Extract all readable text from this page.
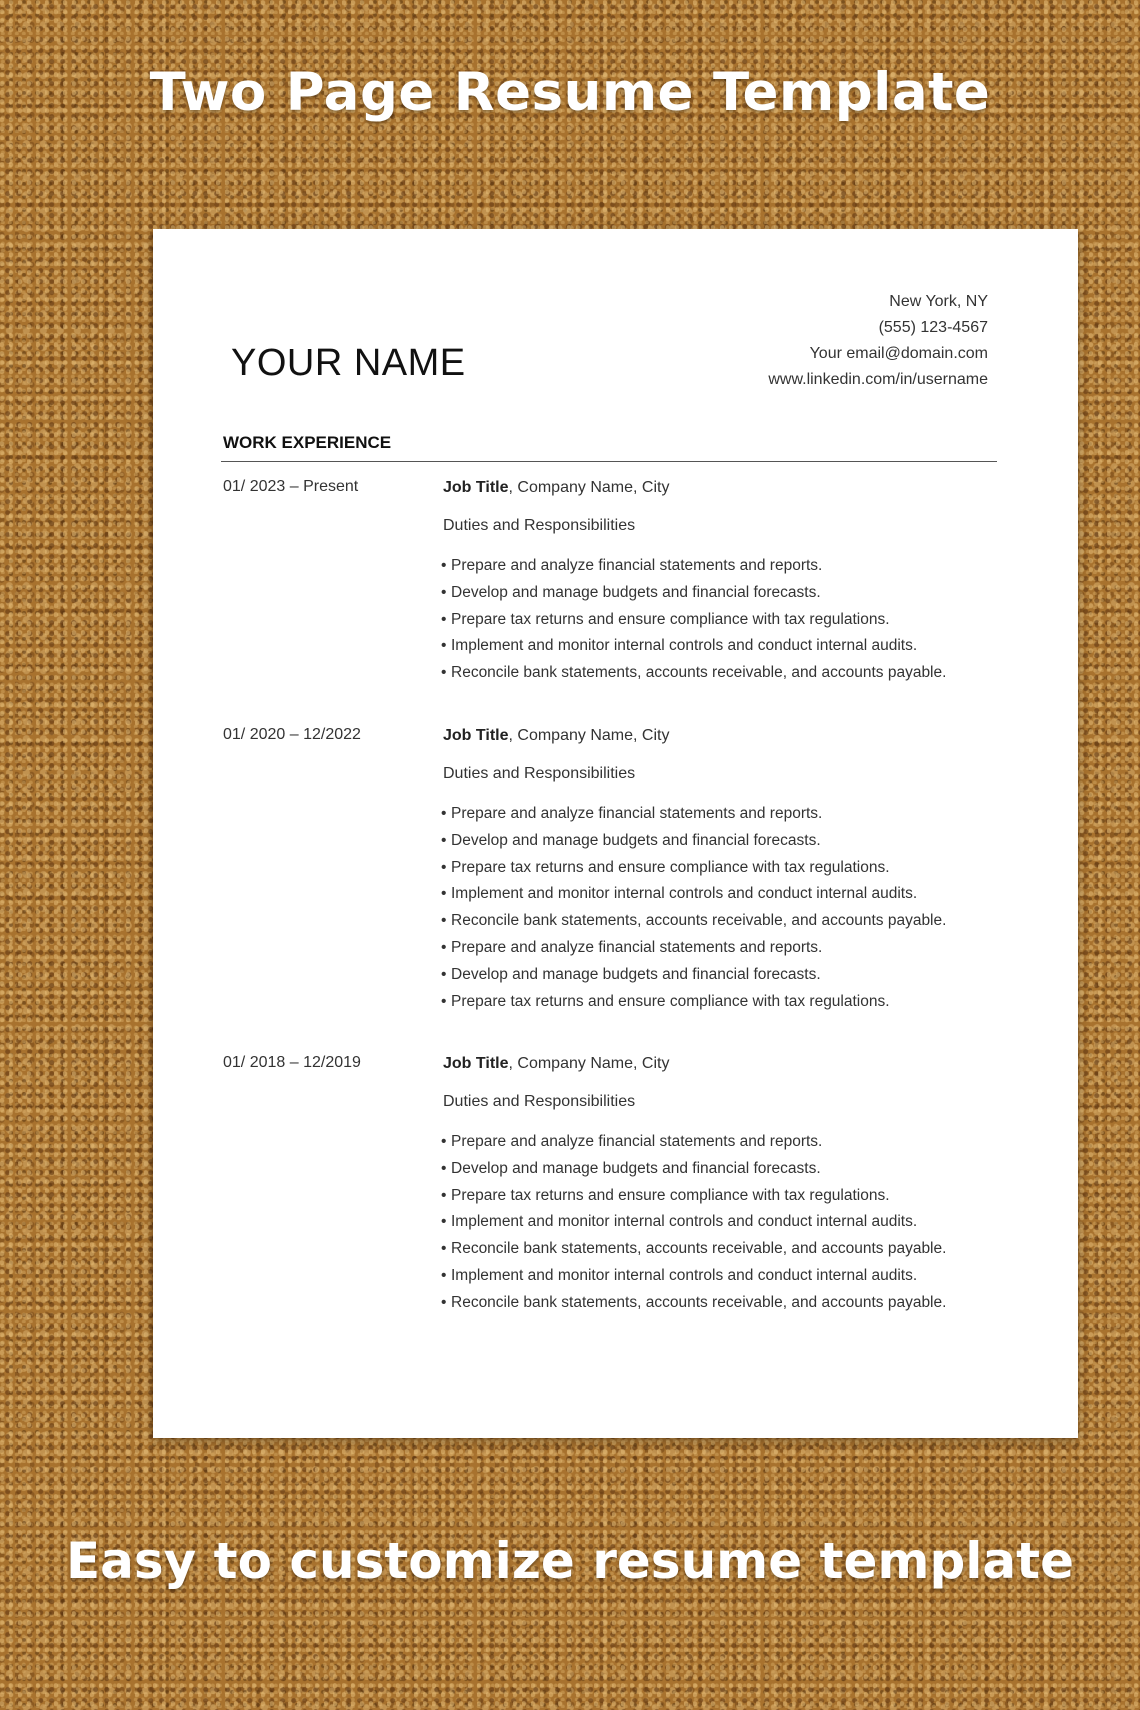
Two Page Resume Template
YOUR NAME
New York, NY
(555) 123-4567
Your email@domain.com
www.linkedin.com/in/username
WORK EXPERIENCE
01/ 2023 – Present	Job Title, Company Name, City
Duties and Responsibilities
• Prepare and analyze financial statements and reports.
• Develop and manage budgets and financial forecasts.
• Prepare tax returns and ensure compliance with tax regulations.
• Implement and monitor internal controls and conduct internal audits.
• Reconcile bank statements, accounts receivable, and accounts payable.
01/ 2020 – 12/2022	Job Title, Company Name, City
Duties and Responsibilities
• Prepare and analyze financial statements and reports.
• Develop and manage budgets and financial forecasts.
• Prepare tax returns and ensure compliance with tax regulations.
• Implement and monitor internal controls and conduct internal audits.
• Reconcile bank statements, accounts receivable, and accounts payable.
• Prepare and analyze financial statements and reports.
• Develop and manage budgets and financial forecasts.
• Prepare tax returns and ensure compliance with tax regulations.
01/ 2018 – 12/2019	Job Title, Company Name, City
Duties and Responsibilities
• Prepare and analyze financial statements and reports.
• Develop and manage budgets and financial forecasts.
• Prepare tax returns and ensure compliance with tax regulations.
• Implement and monitor internal controls and conduct internal audits.
• Reconcile bank statements, accounts receivable, and accounts payable.
• Implement and monitor internal controls and conduct internal audits.
• Reconcile bank statements, accounts receivable, and accounts payable.
Easy to customize resume template
